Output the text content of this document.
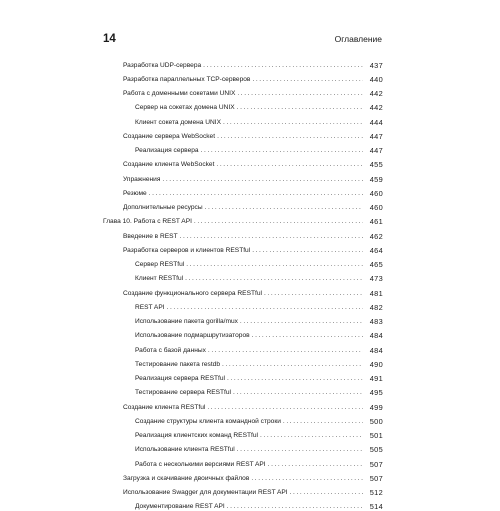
14	Оглавление
Разработка UDP-сервера .....	437
Разработка параллельных TCP-серверов .....	440
Работа с доменными сокетами UNIX .....	442
Сервер на сокетах домена UNIX .....	442
Клиент сокета домена UNIX .....	444
Создание сервера WebSocket .....	447
Реализация сервера .....	447
Создание клиента WebSocket .....	455
Упражнения .....	459
Резюме .....	460
Дополнительные ресурсы .....	460
Глава 10. Работа с REST API .....	461
Введение в REST .....	462
Разработка серверов и клиентов RESTful .....	464
Сервер RESTful .....	465
Клиент RESTful .....	473
Создание функционального сервера RESTful .....	481
REST API .....	482
Использование пакета gorilla/mux .....	483
Использование подмаршрутизаторов .....	484
Работа с базой данных .....	484
Тестирование пакета restdb .....	490
Реализация сервера RESTful .....	491
Тестирование сервера RESTful .....	495
Создание клиента RESTful .....	499
Создание структуры клиента командной строки .....	500
Реализация клиентских команд RESTful .....	501
Использование клиента RESTful .....	505
Работа с несколькими версиями REST API .....	507
Загрузка и скачивание двоичных файлов .....	507
Использование Swagger для документации REST API .....	512
Документирование REST API .....	514
